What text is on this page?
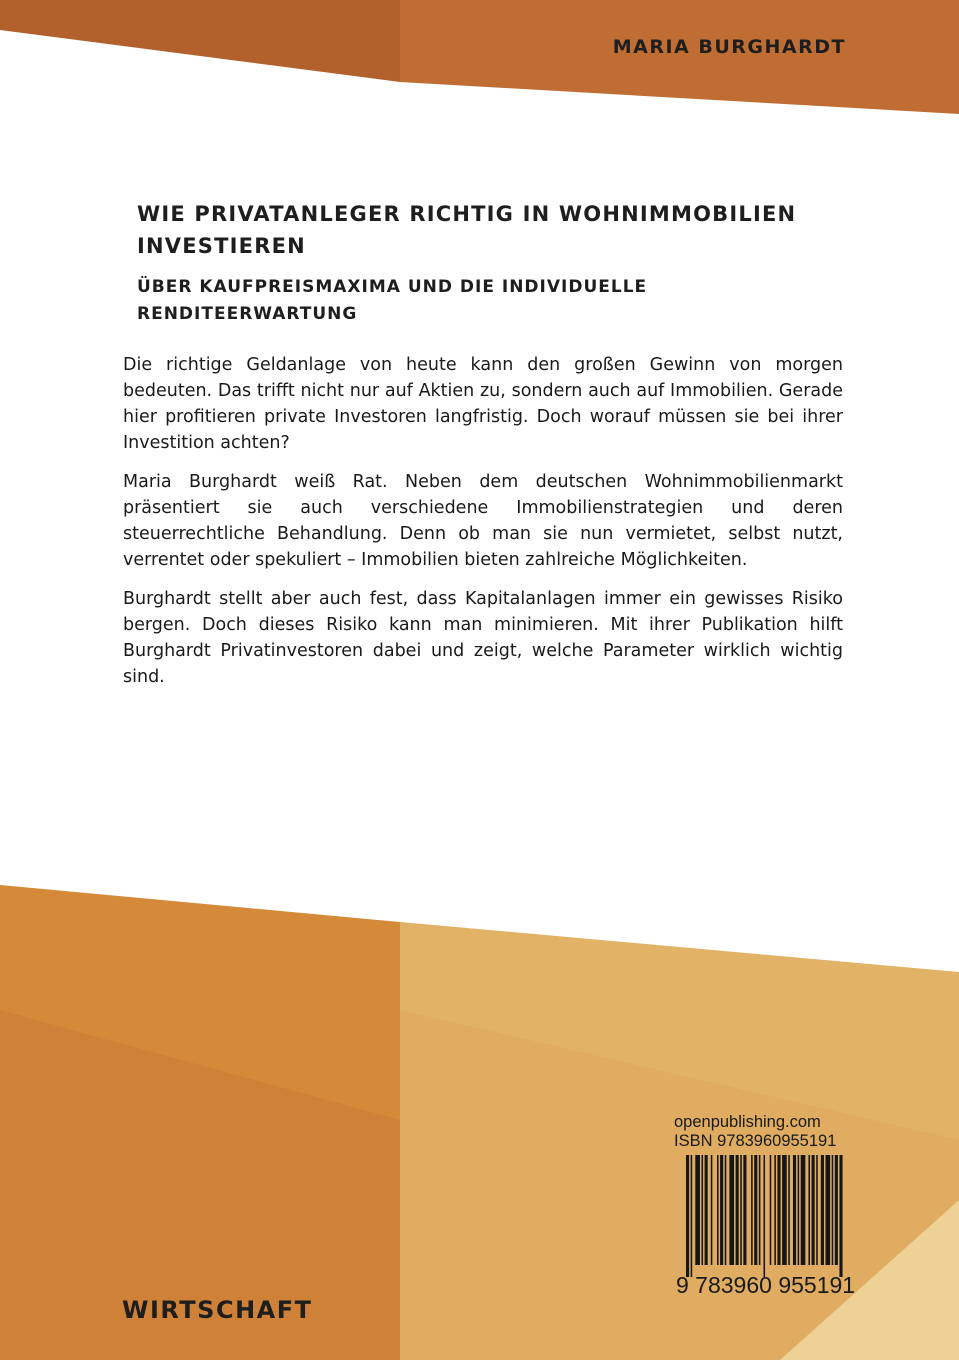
MARIA BURGHARDT
WIE PRIVATANLEGER RICHTIG IN WOHNIMMOBILIEN INVESTIEREN
ÜBER KAUFPREISMAXIMA UND DIE INDIVIDUELLE RENDITEERWARTUNG

Die richtige Geldanlage von heute kann den großen Gewinn von morgen bedeuten. Das trifft nicht nur auf Aktien zu, sondern auch auf Immobilien. Gerade hier profitieren private Investoren langfristig. Doch worauf müssen sie bei ihrer Investition achten?

Maria Burghardt weiß Rat. Neben dem deutschen Wohnimmobilienmarkt präsentiert sie auch verschiedene Immobilienstrategien und deren steuerrechtliche Behandlung. Denn ob man sie nun vermietet, selbst nutzt, verrentet oder spekuliert – Immobilien bieten zahlreiche Möglichkeiten.

Burghardt stellt aber auch fest, dass Kapitalanlagen immer ein gewisses Risiko bergen. Doch dieses Risiko kann man minimieren. Mit ihrer Publikation hilft Burghardt Privatinvestoren dabei und zeigt, welche Parameter wirklich wichtig sind.

openpublishing.com
ISBN 9783960955191
9 783960 955191
WIRTSCHAFT
